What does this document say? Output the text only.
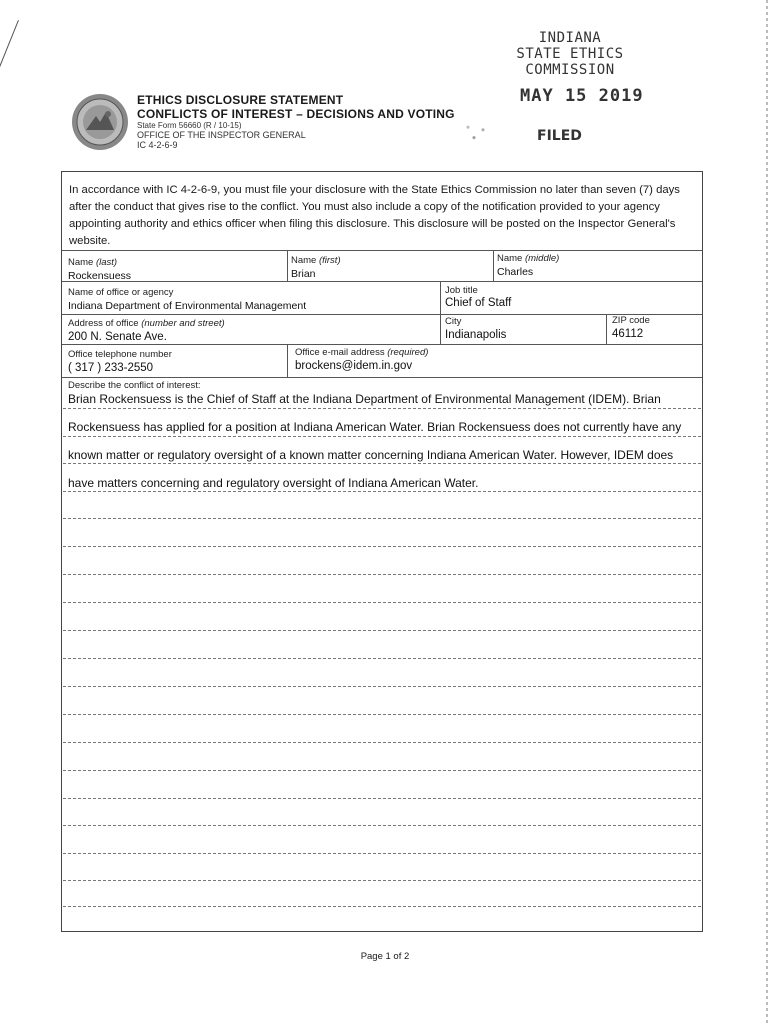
INDIANA
STATE ETHICS COMMISSION
MAY 15 2019
FILED
ETHICS DISCLOSURE STATEMENT
CONFLICTS OF INTEREST – DECISIONS AND VOTING
State Form 56660 (R / 10-15)
OFFICE OF THE INSPECTOR GENERAL
IC 4-2-6-9
In accordance with IC 4-2-6-9, you must file your disclosure with the State Ethics Commission no later than seven (7) days after the conduct that gives rise to the conflict. You must also include a copy of the notification provided to your agency appointing authority and ethics officer when filing this disclosure. This disclosure will be posted on the Inspector General's website.
Name (last)
Rockensuess
Name (first)
Brian
Name (middle)
Charles
Name of office or agency
Indiana Department of Environmental Management
Job title
Chief of Staff
Address of office (number and street)
200 N. Senate Ave.
City
Indianapolis
ZIP code
46112
Office telephone number
( 317 ) 233-2550
Office e-mail address (required)
brockens@idem.in.gov
Describe the conflict of interest:
Brian Rockensuess is the Chief of Staff at the Indiana Department of Environmental Management (IDEM). Brian
Rockensuess has applied for a position at Indiana American Water. Brian Rockensuess does not currently have any
known matter or regulatory oversight of a known matter concerning Indiana American Water. However, IDEM does
have matters concerning and regulatory oversight of Indiana American Water.
Page 1 of 2
